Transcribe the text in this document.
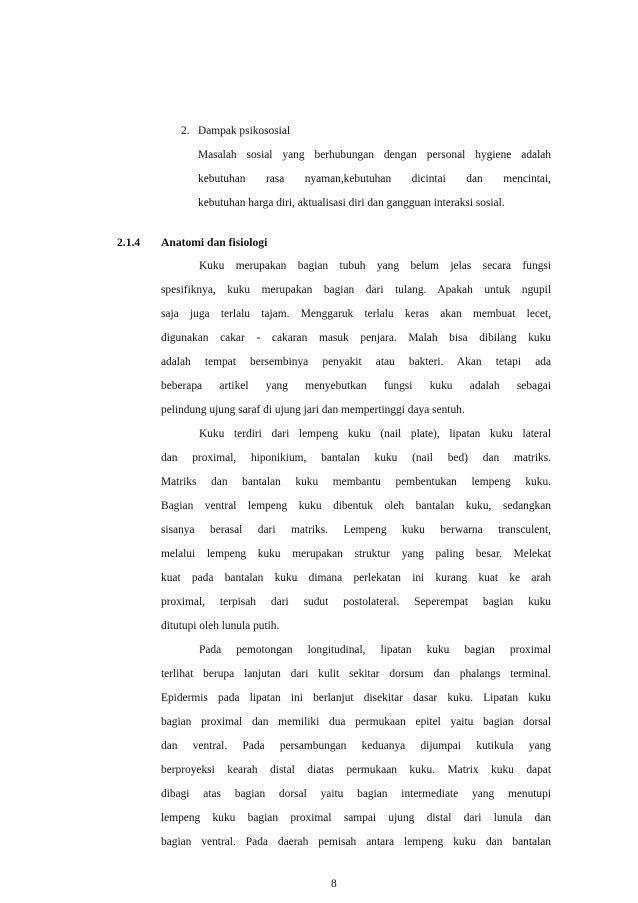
2. Dampak psikososial
Masalah sosial yang berhubungan dengan personal hygiene adalah
kebutuhan rasa nyaman,kebutuhan dicintai dan mencintai,
kebutuhan harga diri, aktualisasi diri dan gangguan interaksi sosial.
2.1.4 Anatomi dan fisiologi
Kuku merupakan bagian tubuh yang belum jelas secara fungsi
spesifiknya, kuku merupakan bagian dari tulang. Apakah untuk ngupil
saja juga terlalu tajam. Menggaruk terlalu keras akan membuat lecet,
digunakan cakar - cakaran masuk penjara. Malah bisa dibilang kuku
adalah tempat bersembinya penyakit atau bakteri. Akan tetapi ada
beberapa artikel yang menyebutkan fungsi kuku adalah sebagai
pelindung ujung saraf di ujung jari dan mempertinggi daya sentuh.
Kuku terdiri dari lempeng kuku (nail plate), lipatan kuku lateral
dan proximal, hiponikium, bantalan kuku (nail bed) dan matriks.
Matriks dan bantalan kuku membantu pembentukan lempeng kuku.
Bagian ventral lempeng kuku dibentuk oleh bantalan kuku, sedangkan
sisanya berasal dari matriks. Lempeng kuku berwarna transculent,
melalui lempeng kuku merupakan struktur yang paling besar. Melekat
kuat pada bantalan kuku dimana perlekatan ini kurang kuat ke arah
proximal, terpisah dari sudut postolateral. Seperempat bagian kuku
ditutupi oleh lunula putih.
Pada pemotongan longitudinal, lipatan kuku bagian proximal
terlihat berupa lanjutan dari kulit sekitar dorsum dan phalangs terminal.
Epidermis pada lipatan ini berlanjut disekitar dasar kuku. Lipatan kuku
bagian proximal dan memiliki dua permukaan epitel yaitu bagian dorsal
dan ventral. Pada persambungan keduanya dijumpai kutikula yang
berproyeksi kearah distal diatas permukaan kuku. Matrix kuku dapat
dibagi atas bagian dorsal yaitu bagian intermediate yang menutupi
lempeng kuku bagian proximal sampai ujung distal dari lunula dan
bagian ventral. Pada daerah pemisah antara lempeng kuku dan bantalan
8
